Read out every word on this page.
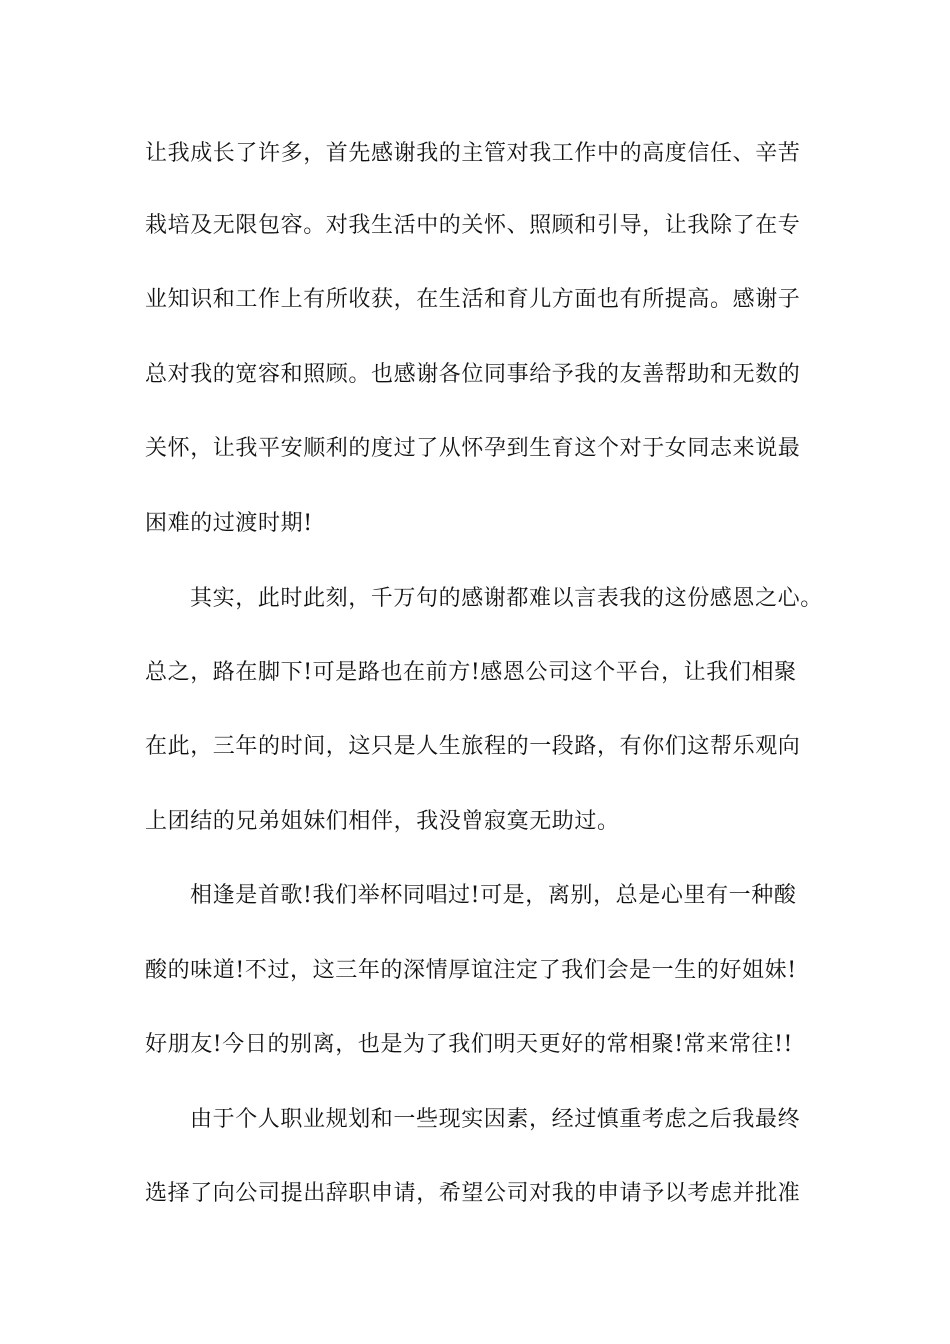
让我成长了许多，首先感谢我的主管对我工作中的高度信任、辛苦
栽培及无限包容。对我生活中的关怀、照顾和引导，让我除了在专
业知识和工作上有所收获，在生活和育儿方面也有所提高。感谢子
总对我的宽容和照顾。也感谢各位同事给予我的友善帮助和无数的
关怀，让我平安顺利的度过了从怀孕到生育这个对于女同志来说最
困难的过渡时期!
其实，此时此刻，千万句的感谢都难以言表我的这份感恩之心。
总之，路在脚下!可是路也在前方!感恩公司这个平台，让我们相聚
在此，三年的时间，这只是人生旅程的一段路，有你们这帮乐观向
上团结的兄弟姐妹们相伴，我没曾寂寞无助过。
相逢是首歌!我们举杯同唱过!可是，离别，总是心里有一种酸
酸的味道!不过，这三年的深情厚谊注定了我们会是一生的好姐妹!
好朋友!今日的别离，也是为了我们明天更好的常相聚!常来常往!!
由于个人职业规划和一些现实因素，经过慎重考虑之后我最终
选择了向公司提出辞职申请，希望公司对我的申请予以考虑并批准
